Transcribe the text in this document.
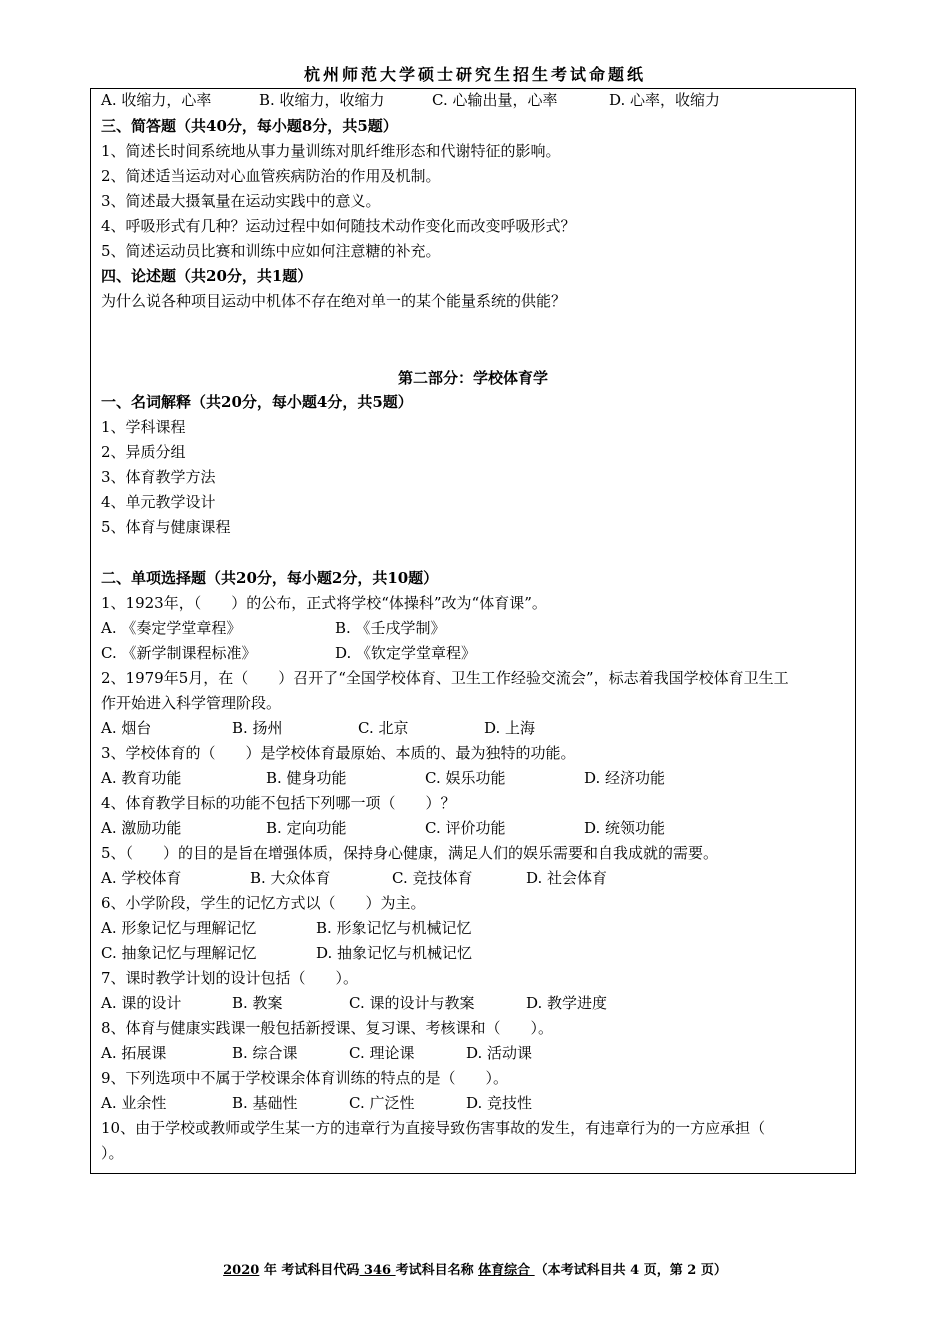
杭州师范大学硕士研究生招生考试命题纸
A. 收缩力，心率	B. 收缩力，收缩力	C. 心输出量，心率	D. 心率，收缩力
三、简答题（共40分，每小题8分，共5题）
1、简述长时间系统地从事力量训练对肌纤维形态和代谢特征的影响。
2、简述适当运动对心血管疾病防治的作用及机制。
3、简述最大摄氧量在运动实践中的意义。
4、呼吸形式有几种？运动过程中如何随技术动作变化而改变呼吸形式？
5、简述运动员比赛和训练中应如何注意糖的补充。
四、论述题（共20分，共1题）
为什么说各种项目运动中机体不存在绝对单一的某个能量系统的供能？
第二部分：学校体育学
一、名词解释（共20分，每小题4分，共5题）
1、学科课程
2、异质分组
3、体育教学方法
4、单元教学设计
5、体育与健康课程
二、单项选择题（共20分，每小题2分，共10题）
1、1923年，（　　）的公布，正式将学校“体操科”改为“体育课”。
A. 《奏定学堂章程》	B. 《壬戌学制》
C. 《新学制课程标准》	D. 《钦定学堂章程》
2、1979年5月，在（　　）召开了“全国学校体育、卫生工作经验交流会”，标志着我国学校体育卫生工
作开始进入科学管理阶段。
A. 烟台	B. 扬州	C. 北京	D. 上海
3、学校体育的（　　）是学校体育最原始、本质的、最为独特的功能。
A. 教育功能	B. 健身功能	C. 娱乐功能	D. 经济功能
4、体育教学目标的功能不包括下列哪一项（　　）？
A. 激励功能	B. 定向功能	C. 评价功能	D. 统领功能
5、（　　）的目的是旨在增强体质，保持身心健康，满足人们的娱乐需要和自我成就的需要。
A. 学校体育	B. 大众体育	C. 竞技体育	D. 社会体育
6、小学阶段，学生的记忆方式以（　　）为主。
A. 形象记忆与理解记忆	B. 形象记忆与机械记忆
C. 抽象记忆与理解记忆	D. 抽象记忆与机械记忆
7、课时教学计划的设计包括（　　）。
A. 课的设计	B. 教案	C. 课的设计与教案	D. 教学进度
8、体育与健康实践课一般包括新授课、复习课、考核课和（　　）。
A. 拓展课	B. 综合课	C. 理论课	D. 活动课
9、下列选项中不属于学校课余体育训练的特点的是（　　）。
A. 业余性	B. 基础性	C. 广泛性	D. 竞技性
10、由于学校或教师或学生某一方的违章行为直接导致伤害事故的发生，有违章行为的一方应承担（
）。
2020 年 考试科目代码 346 考试科目名称 体育综合 （本考试科目共 4 页，第 2 页）
